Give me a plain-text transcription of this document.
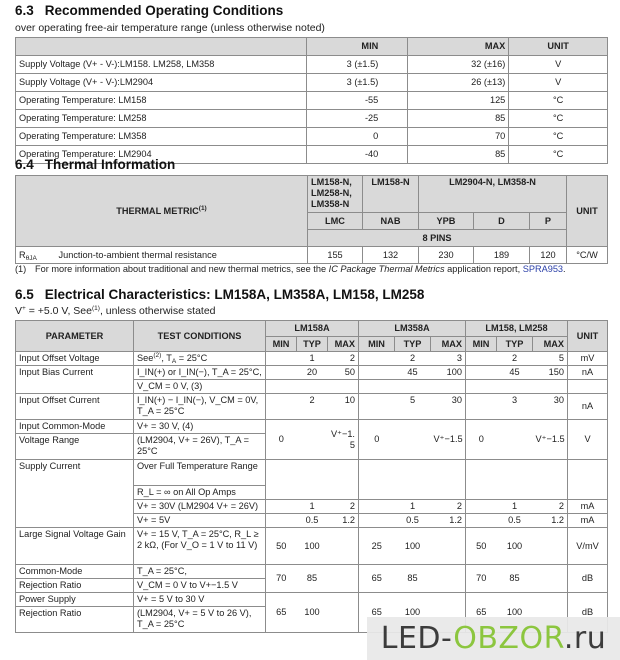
6.3 Recommended Operating Conditions
over operating free-air temperature range (unless otherwise noted)
	MIN	MAX	UNIT
Supply Voltage (V+ - V-):LM158. LM258, LM358	3 (±1.5)	32 (±16)	V
Supply Voltage (V+ - V-):LM2904	3 (±1.5)	26 (±13)	V
Operating Temperature: LM158	-55	125	°C
Operating Temperature: LM258	-25	85	°C
Operating Temperature: LM358	0	70	°C
Operating Temperature: LM2904	-40	85	°C
6.4 Thermal Information
THERMAL METRIC$^{(1)}$		LM158-N, LM258-N, LM358-N	LM158-N	LM2904-N, LM358-N			UNIT
		LMC	NAB	YPB	D	P	
		8 PINS					
$R_{\theta JA}$	Junction-to-ambient thermal resistance	155	132	230	189	120	°C/W
(1) For more information about traditional and new thermal metrics, see the IC Package Thermal Metrics application report, SPRA953.
6.5 Electrical Characteristics: LM158A, LM358A, LM158, LM258
V+ = +5.0 V, See$^{(1)}$, unless otherwise stated
PARAMETER	TEST CONDITIONS	LM158A			LM358A			LM158, LM258			UNIT
		MIN	TYP	MAX	MIN	TYP	MAX	MIN	TYP	MAX	
Input Offset Voltage	See$^{(2)}$, $T_A = 25^\circ C$		1	2		2	3		2	5	mV
Input Bias Current	I_IN(+) or I_IN(−), T_A = 25°C,		20	50		45	100		45	150	nA
	V_CM = 0 V, (3)										
Input Offset Current	I_IN(+) − I_IN(−), V_CM = 0V, T_A = 25°C		2	10		5	30		3	30	nA
Input Common-Mode	V+ = 30 V, (4)	0		V⁺−1.5	0		V⁺−1.5	0		V⁺−1.5	V
Voltage Range	(LM2904, V+ = 26V), T_A = 25°C										
Supply Current	Over Full Temperature Range										
	R_L = ∞ on All Op Amps										
	V+ = 30V (LM2904 V+ = 26V)		1	2		1	2		1	2	mA
	V+ = 5V		0.5	1.2		0.5	1.2		0.5	1.2	mA
Large Signal Voltage Gain	V+ = 15 V, T_A = 25°C, R_L ≥ 2 kΩ, (For V_O = 1 V to 11 V)	50	100		25	100		50	100		V/mV
Common-Mode	T_A = 25°C,	70	85		65	85		70	85		dB
Rejection Ratio	V_CM = 0 V to V+−1.5 V										
Power Supply	V+ = 5 V to 30 V	65	100		65	100		65	100		dB
Rejection Ratio	(LM2904, V+ = 5 V to 26 V), T_A = 25°C											LED-OBZOR.ru
